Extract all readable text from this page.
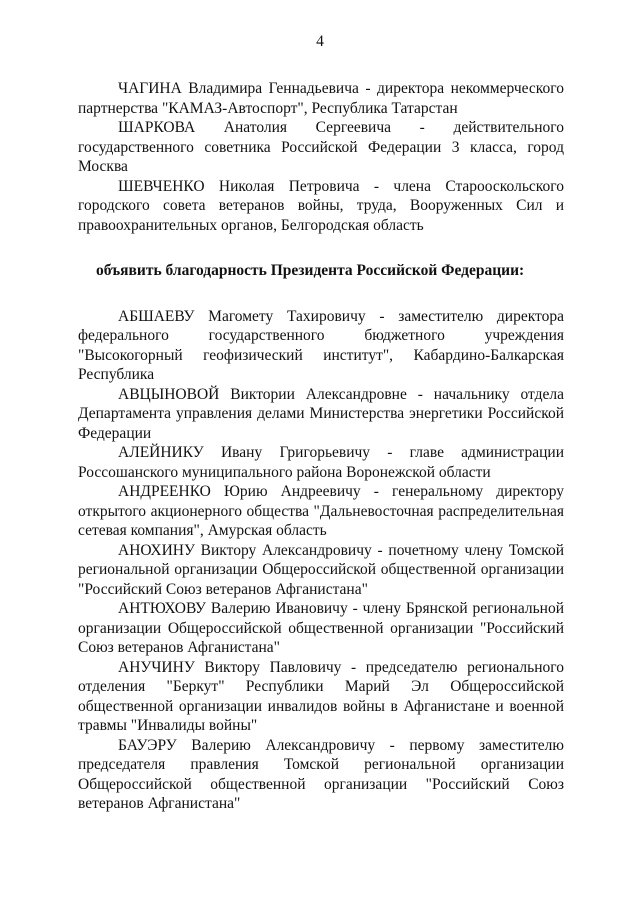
4

ЧАГИНА Владимира Геннадьевича - директора некоммерческого партнерства "КАМАЗ-Автоспорт", Республика Татарстан

ШАРКОВА Анатолия Сергеевича - действительного государственного советника Российской Федерации 3 класса, город Москва

ШЕВЧЕНКО Николая Петровича - члена Старооскольского городского совета ветеранов войны, труда, Вооруженных Сил и правоохранительных органов, Белгородская область

объявить благодарность Президента Российской Федерации:

АБШАЕВУ Магомету Тахировичу - заместителю директора федерального государственного бюджетного учреждения "Высокогорный геофизический институт", Кабардино-Балкарская Республика

АВЦЫНОВОЙ Виктории Александровне - начальнику отдела Департамента управления делами Министерства энергетики Российской Федерации

АЛЕЙНИКУ Ивану Григорьевичу - главе администрации Россошанского муниципального района Воронежской области

АНДРЕЕНКО Юрию Андреевичу - генеральному директору открытого акционерного общества "Дальневосточная распределительная сетевая компания", Амурская область

АНОХИНУ Виктору Александровичу - почетному члену Томской региональной организации Общероссийской общественной организации "Российский Союз ветеранов Афганистана"

АНТЮХОВУ Валерию Ивановичу - члену Брянской региональной организации Общероссийской общественной организации "Российский Союз ветеранов Афганистана"

АНУЧИНУ Виктору Павловичу - председателю регионального отделения "Беркут" Республики Марий Эл Общероссийской общественной организации инвалидов войны в Афганистане и военной травмы "Инвалиды войны"

БАУЭРУ Валерию Александровичу - первому заместителю председателя правления Томской региональной организации Общероссийской общественной организации "Российский Союз ветеранов Афганистана"
